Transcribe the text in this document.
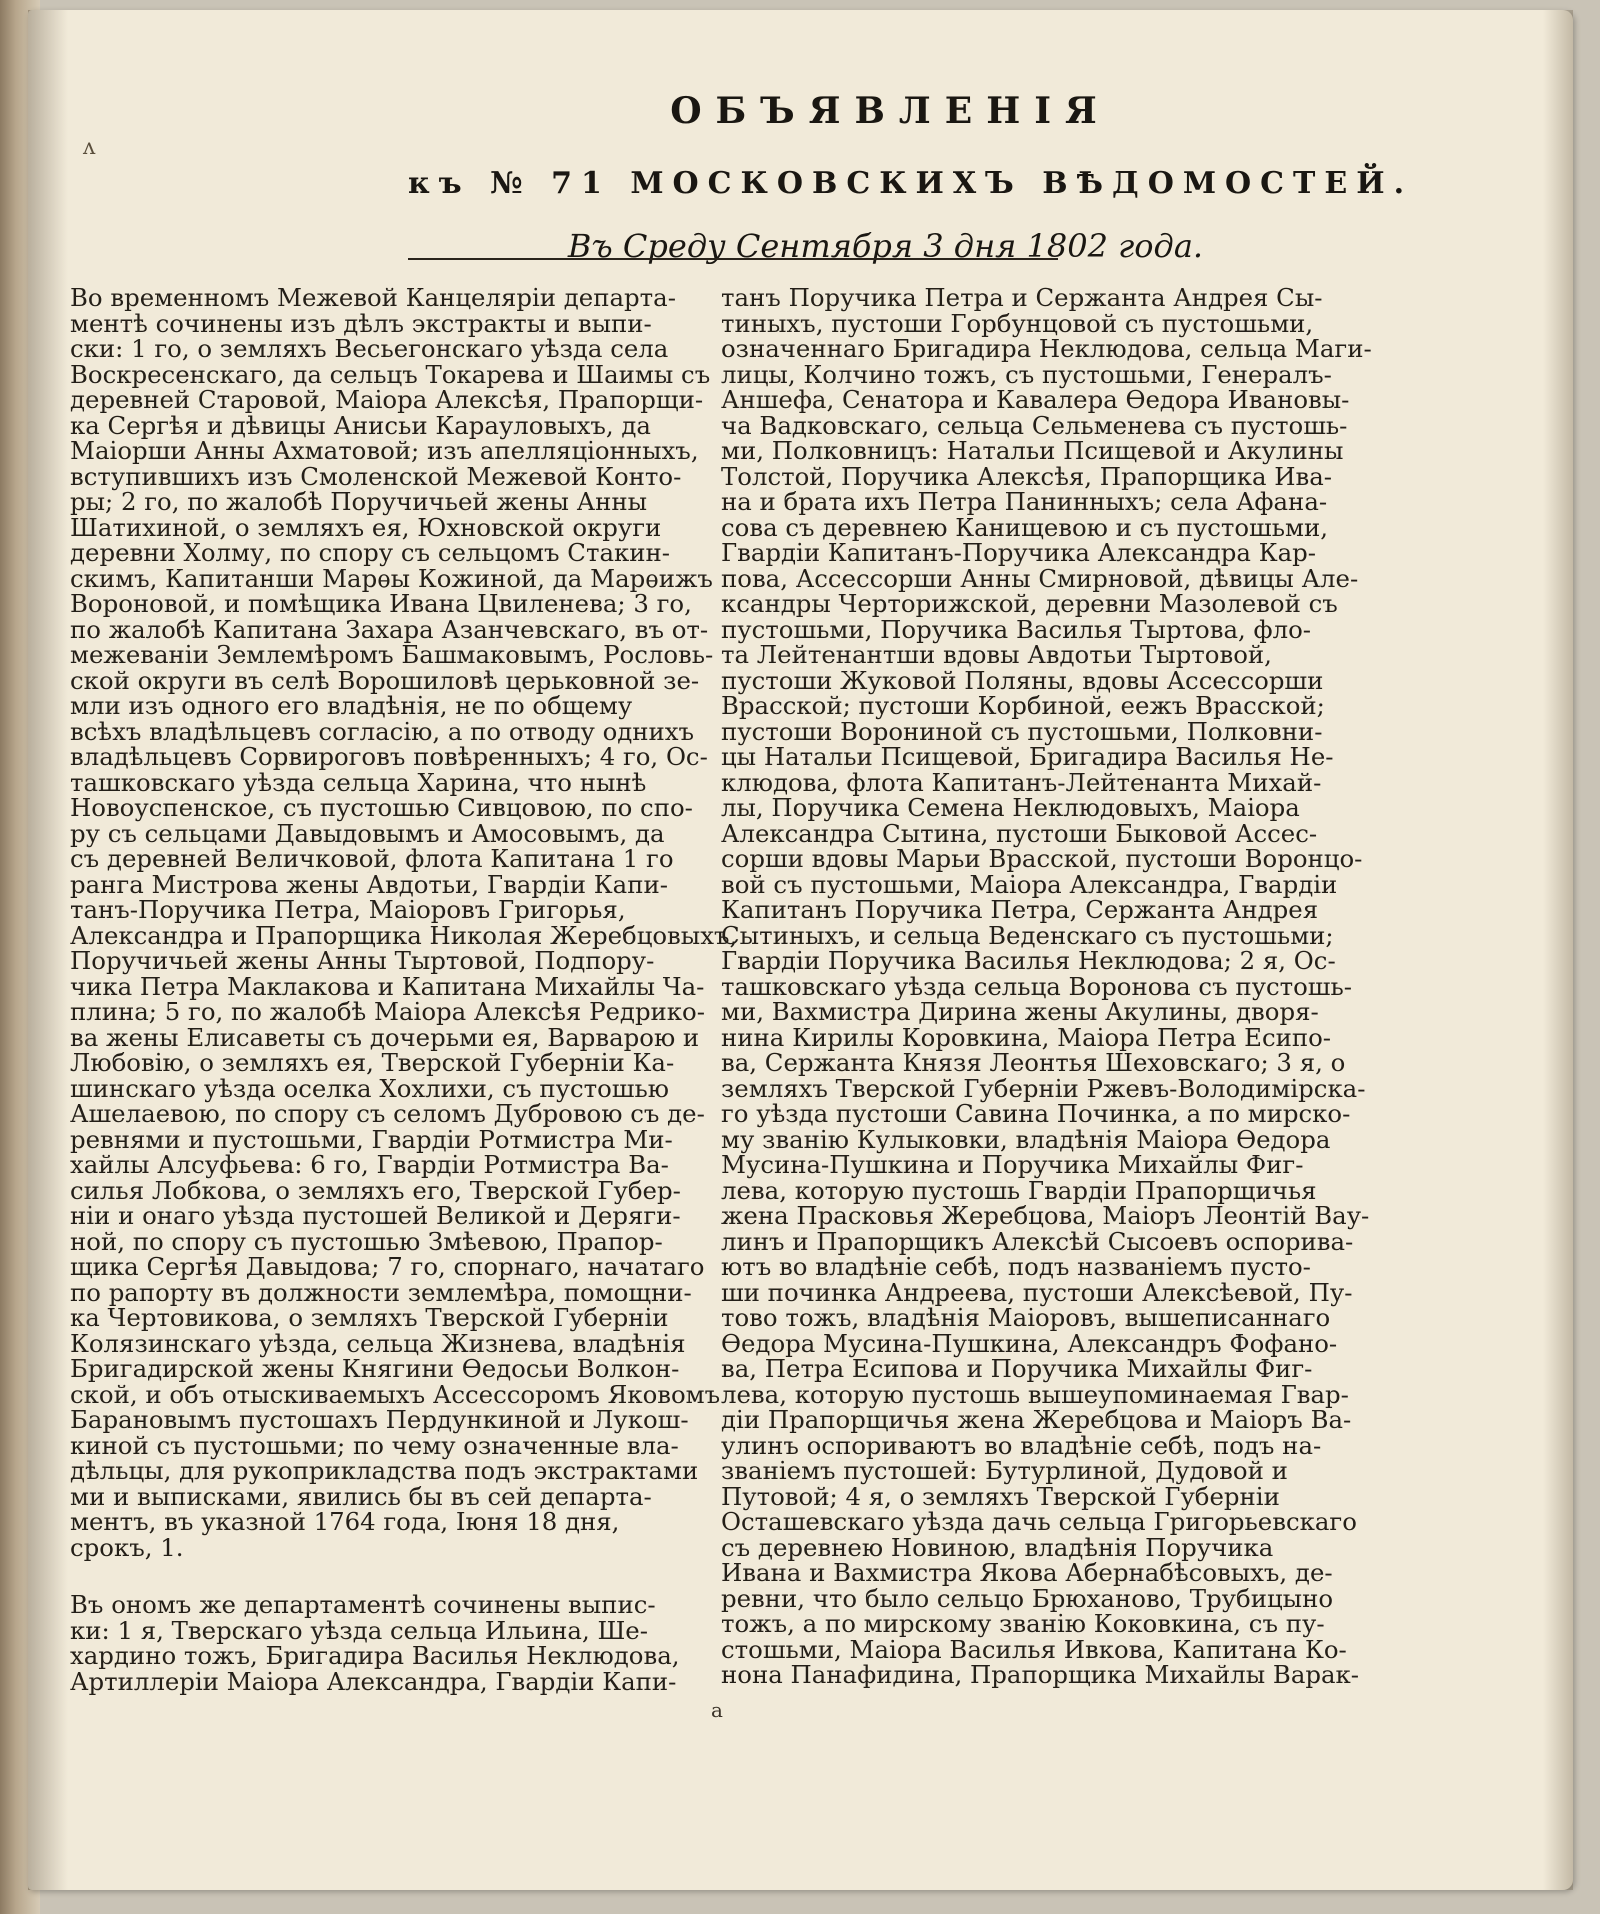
ʌ
ОБЪЯВЛЕНІЯ
къ № 71 МОСКОВСКИХЪ ВѢДОМОСТЕЙ.
Въ Среду Сентября 3 дня 1802 года.
Во временномъ Межевой Канцеляріи департа-
ментѣ сочинены изъ дѣлъ экстракты и выпи-
ски: 1 го, о земляхъ Весьегонскаго уѣзда села
Воскресенскаго, да сельцъ Токарева и Шаимы съ
деревней Старовой, Маіора Алексѣя, Прапорщи-
ка Сергѣя и дѣвицы Анисьи Карауловыхъ, да
Маіорши Анны Ахматовой; изъ апелляціонныхъ,
вступившихъ изъ Смоленской Межевой Конто-
ры; 2 го, по жалобѣ Поручичьей жены Анны
Шатихиной, о земляхъ ея, Юхновской округи
деревни Холму, по спору съ сельцомъ Стакин-
скимъ, Капитанши Марѳы Кожиной, да Марѳижъ
Вороновой, и помѣщика Ивана Цвиленева; 3 го,
по жалобѣ Капитана Захара Азанчевскаго, въ от-
межеваніи Землемѣромъ Башмаковымъ, Рословь-
ской округи въ селѣ Ворошиловѣ церьковной зе-
мли изъ одного его владѣнія, не по общему
всѣхъ владѣльцевъ согласію, а по отводу однихъ
владѣльцевъ Сорвироговъ повѣренныхъ; 4 го, Ос-
ташковскаго уѣзда сельца Харина, что нынѣ
Новоуспенское, съ пустошью Сивцовою, по спо-
ру съ сельцами Давыдовымъ и Амосовымъ, да
съ деревней Величковой, флота Капитана 1 го
ранга Мистрова жены Авдотьи, Гвардіи Капи-
танъ-Поручика Петра, Маіоровъ Григорья,
Александра и Прапорщика Николая Жеребцовыхъ,
Поручичьей жены Анны Тыртовой, Подпору-
чика Петра Маклакова и Капитана Михайлы Ча-
плина; 5 го, по жалобѣ Маіора Алексѣя Редрико-
ва жены Елисаветы съ дочерьми ея, Варварою и
Любовію, о земляхъ ея, Тверской Губерніи Ка-
шинскаго уѣзда оселка Хохлихи, съ пустошью
Ашелаевою, по спору съ селомъ Дубровою съ де-
ревнями и пустошьми, Гвардіи Ротмистра Ми-
хайлы Алсуфьева: 6 го, Гвардіи Ротмистра Ва-
силья Лобкова, о земляхъ его, Тверской Губер-
ніи и онаго уѣзда пустошей Великой и Деряги-
ной, по спору съ пустошью Змѣевою, Прапор-
щика Сергѣя Давыдова; 7 го, спорнаго, начатаго
по рапорту въ должности землемѣра, помощни-
ка Чертовикова, о земляхъ Тверской Губерніи
Колязинскаго уѣзда, сельца Жизнева, владѣнія
Бригадирской жены Княгини Ѳедосьи Волкон-
ской, и объ отыскиваемыхъ Ассессоромъ Яковомъ
Барановымъ пустошахъ Пердункиной и Лукош-
киной съ пустошьми; по чему означенные вла-
дѣльцы, для рукоприкладства подъ экстрактами
ми и выписками, явились бы въ сей департа-
ментъ, въ указной 1764 года, Іюня 18 дня,
срокъ, 1.
Въ ономъ же департаментѣ сочинены выпис-
ки: 1 я, Тверскаго уѣзда сельца Ильина, Ше-
хардино тожъ, Бригадира Василья Неклюдова,
Артиллеріи Маіора Александра, Гвардіи Капи-
танъ Поручика Петра и Сержанта Андрея Сы-
тиныхъ, пустоши Горбунцовой съ пустошьми,
означеннаго Бригадира Неклюдова, сельца Маги-
лицы, Колчино тожъ, съ пустошьми, Генералъ-
Аншефа, Сенатора и Кавалера Ѳедора Ивановы-
ча Вадковскаго, сельца Сельменева съ пустошь-
ми, Полковницъ: Натальи Псищевой и Акулины
Толстой, Поручика Алексѣя, Прапорщика Ива-
на и брата ихъ Петра Панинныхъ; села Афана-
сова съ деревнею Канищевою и съ пустошьми,
Гвардіи Капитанъ-Поручика Александра Кар-
пова, Ассессорши Анны Смирновой, дѣвицы Але-
ксандры Черторижской, деревни Мазолевой съ
пустошьми, Поручика Василья Тыртова, фло-
та Лейтенантши вдовы Авдотьи Тыртовой,
пустоши Жуковой Поляны, вдовы Ассессорши
Врасской; пустоши Корбиной, еежъ Врасской;
пустоши Ворониной съ пустошьми, Полковни-
цы Натальи Псищевой, Бригадира Василья Не-
клюдова, флота Капитанъ-Лейтенанта Михай-
лы, Поручика Семена Неклюдовыхъ, Маіора
Александра Сытина, пустоши Быковой Ассес-
сорши вдовы Марьи Врасской, пустоши Воронцо-
вой съ пустошьми, Маіора Александра, Гвардіи
Капитанъ Поручика Петра, Сержанта Андрея
Сытиныхъ, и сельца Веденскаго съ пустошьми;
Гвардіи Поручика Василья Неклюдова; 2 я, Ос-
ташковскаго уѣзда сельца Воронова съ пустошь-
ми, Вахмистра Дирина жены Акулины, дворя-
нина Кирилы Коровкина, Маіора Петра Есипо-
ва, Сержанта Князя Леонтья Шеховскаго; 3 я, о
земляхъ Тверской Губерніи Ржевъ-Володимірска-
го уѣзда пустоши Савина Починка, а по мирско-
му званію Кулыковки, владѣнія Маіора Ѳедора
Мусина-Пушкина и Поручика Михайлы Фиг-
лева, которую пустошь Гвардіи Прапорщичья
жена Прасковья Жеребцова, Маіоръ Леонтій Вау-
линъ и Прапорщикъ Алексѣй Сысоевъ оспорива-
ютъ во владѣніе себѣ, подъ названіемъ пусто-
ши починка Андреева, пустоши Алексѣевой, Пу-
тово тожъ, владѣнія Маіоровъ, вышеписаннаго
Ѳедора Мусина-Пушкина, Александръ Фофано-
ва, Петра Есипова и Поручика Михайлы Фиг-
лева, которую пустошь вышеупоминаемая Гвар-
діи Прапорщичья жена Жеребцова и Маіоръ Ва-
улинъ оспориваютъ во владѣніе себѣ, подъ на-
званіемъ пустошей: Бутурлиной, Дудовой и
Путовой; 4 я, о земляхъ Тверской Губерніи
Осташевскаго уѣзда дачь сельца Григорьевскаго
съ деревнею Новиною, владѣнія Поручика
Ивана и Вахмистра Якова Абернабѣсовыхъ, де-
ревни, что было сельцо Брюханово, Трубицыно
тожъ, а по мирскому званію Коковкина, съ пу-
стошьми, Маіора Василья Ивкова, Капитана Ко-
нона Панафидина, Прапорщика Михайлы Варак-
а
